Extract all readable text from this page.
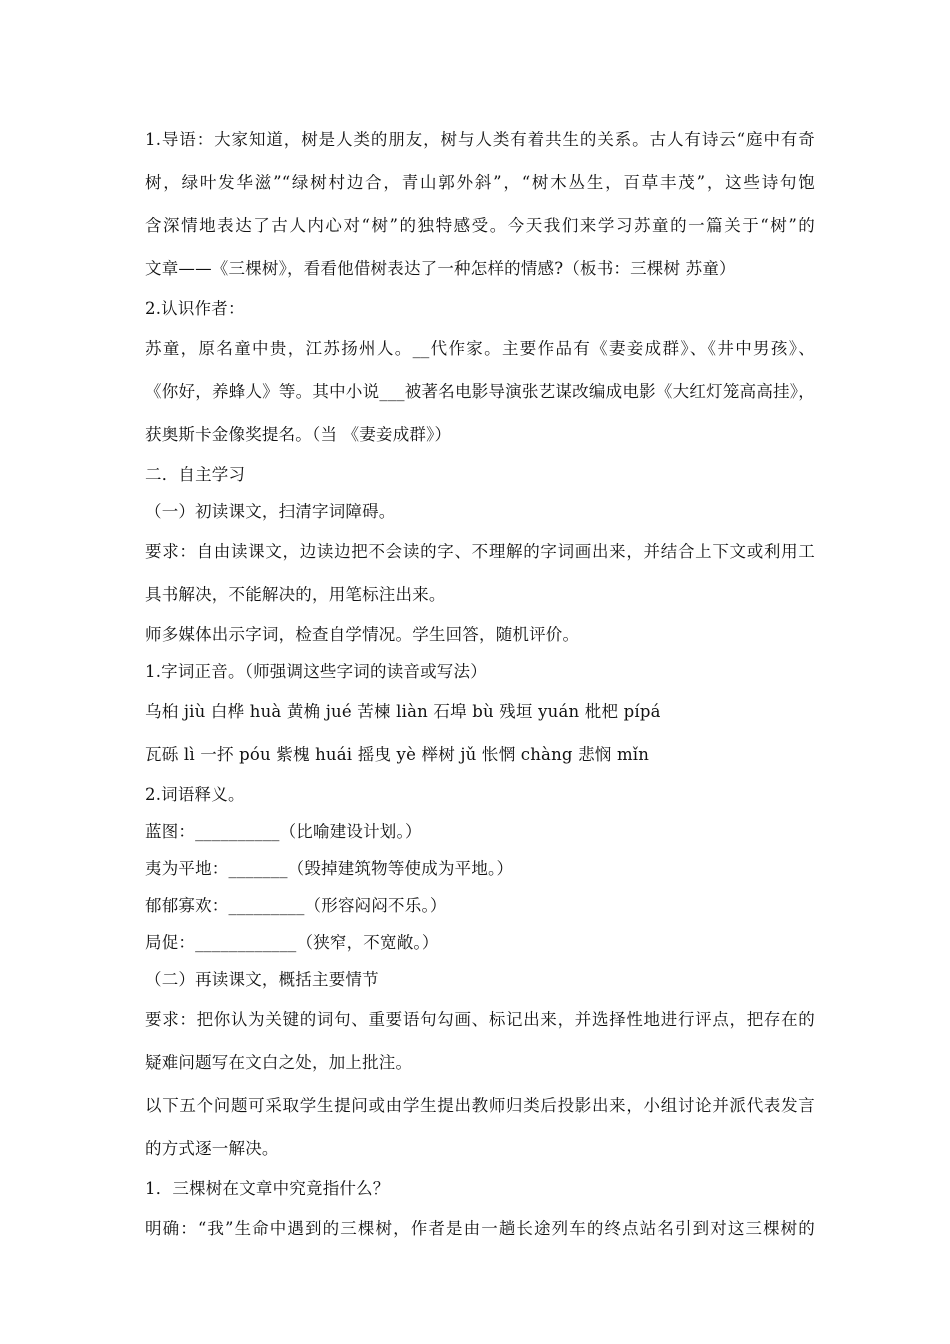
1.导语：大家知道，树是人类的朋友，树与人类有着共生的关系。古人有诗云“庭中有奇
树，绿叶发华滋”“绿树村边合，青山郭外斜”，“树木丛生，百草丰茂”，这些诗句饱
含深情地表达了古人内心对“树”的独特感受。今天我们来学习苏童的一篇关于“树”的
文章——《三棵树》，看看他借树表达了一种怎样的情感?（板书：三棵树 苏童）
2.认识作者：
苏童，原名童中贵，江苏扬州人。__代作家。主要作品有《妻妾成群》、《井中男孩》、
《你好，养蜂人》等。其中小说___被著名电影导演张艺谋改编成电影《大红灯笼高高挂》，
获奥斯卡金像奖提名。（当 《妻妾成群》）
二．自主学习
（一）初读课文，扫清字词障碍。
要求：自由读课文，边读边把不会读的字、不理解的字词画出来，并结合上下文或利用工
具书解决，不能解决的，用笔标注出来。
师多媒体出示字词，检查自学情况。学生回答，随机评价。
1.字词正音。（师强调这些字词的读音或写法）
乌桕 jiù 白桦 huà 黄桷 jué 苦楝 liàn 石埠 bù 残垣 yuán 枇杷 pípá
瓦砾 lì 一抔 póu 紫槐 huái 摇曳 yè 榉树 jǔ 怅惘 chàng 悲悯 mǐn
2.词语释义。
蓝图：__________（比喻建设计划。）
夷为平地：_______（毁掉建筑物等使成为平地。）
郁郁寡欢：_________（形容闷闷不乐。）
局促：____________（狭窄，不宽敞。）
（二）再读课文，概括主要情节
要求：把你认为关键的词句、重要语句勾画、标记出来，并选择性地进行评点，把存在的
疑难问题写在文白之处，加上批注。
以下五个问题可采取学生提问或由学生提出教师归类后投影出来，小组讨论并派代表发言
的方式逐一解决。
1．三棵树在文章中究竟指什么？
明确：“我”生命中遇到的三棵树，作者是由一趟长途列车的终点站名引到对这三棵树的
